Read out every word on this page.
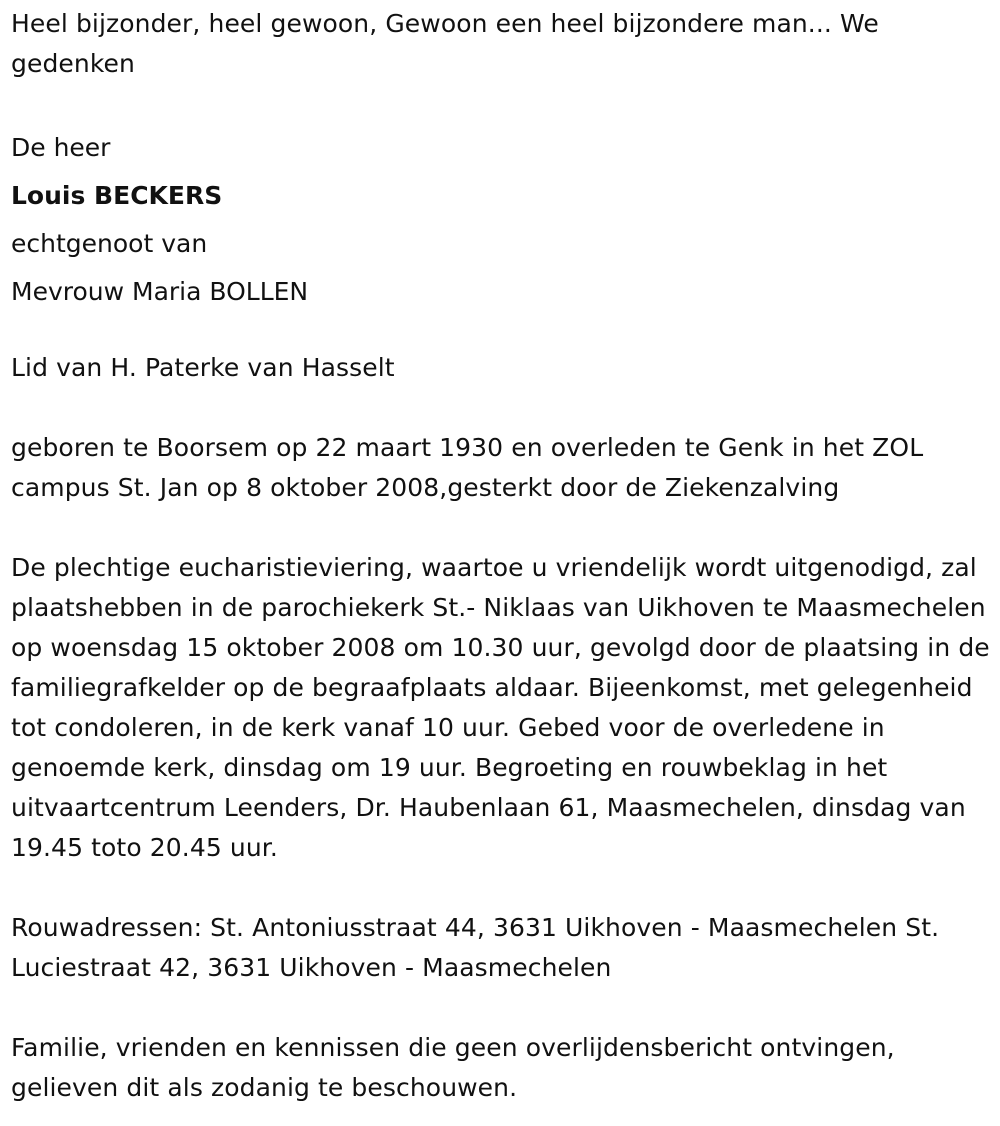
Heel bijzonder, heel gewoon, Gewoon een heel bijzondere man... We gedenken

De heer

Louis BECKERS

echtgenoot van

Mevrouw Maria BOLLEN

Lid van H. Paterke van Hasselt

geboren te Boorsem op 22 maart 1930 en overleden te Genk in het ZOL campus St. Jan op 8 oktober 2008,gesterkt door de Ziekenzalving

De plechtige eucharistieviering, waartoe u vriendelijk wordt uitgenodigd, zal plaatshebben in de parochiekerk St.- Niklaas van Uikhoven te Maasmechelen op woensdag 15 oktober 2008 om 10.30 uur, gevolgd door de plaatsing in de familiegrafkelder op de begraafplaats aldaar. Bijeenkomst, met gelegenheid tot condoleren, in de kerk vanaf 10 uur. Gebed voor de overledene in genoemde kerk, dinsdag om 19 uur. Begroeting en rouwbeklag in het uitvaartcentrum Leenders, Dr. Haubenlaan 61, Maasmechelen, dinsdag van 19.45 toto 20.45 uur.

Rouwadressen: St. Antoniusstraat 44, 3631 Uikhoven - Maasmechelen St. Luciestraat 42, 3631 Uikhoven - Maasmechelen

Familie, vrienden en kennissen die geen overlijdensbericht ontvingen, gelieven dit als zodanig te beschouwen.
